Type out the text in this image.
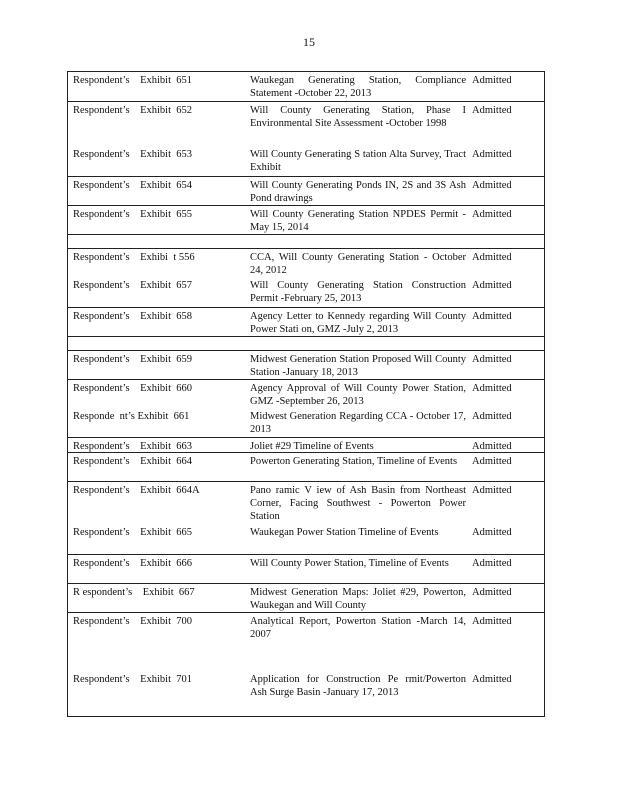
15
Respondent’s    Exhibit  651	Waukegan Generating Station, Compliance Statement -October 22, 2013
Admitted
Respondent’s    Exhibit  652	Will County Generating Station, Phase I Environmental Site Assessment -October 1998
Admitted
Respondent’s    Exhibit  653	Will County Generating S tation Alta Survey, Tract Exhibit
Admitted
Respondent’s    Exhibit  654	Will County Generating Ponds IN, 2S and 3S Ash Pond drawings
Admitted
Respondent’s    Exhibit  655	Will County Generating Station NPDES Permit -May 15, 2014
Admitted
Respondent’s    Exhibi  t 556	CCA, Will County Generating Station - October 24, 2012
Admitted
Respondent’s    Exhibit  657	Will County Generating Station Construction Permit -February 25, 2013
Admitted
Respondent’s    Exhibit  658	Agency Letter to Kennedy regarding Will County Power Stati on, GMZ -July 2, 2013
Admitted
Respondent’s    Exhibit  659	Midwest Generation Station Proposed Will County Station -January 18, 2013
Admitted
Respondent’s    Exhibit  660	Agency Approval of Will County Power Station, GMZ -September 26, 2013
Admitted
Responde  nt’s Exhibit  661	Midwest Generation Regarding CCA - October 17, 2013
Admitted
Respondent’s    Exhibit  663	Joliet #29 Timeline of Events	Admitted
Respondent’s    Exhibit  664	Powerton Generating Station, Timeline of Events	Admitted
Respondent’s    Exhibit  664A	Pano ramic V iew of Ash Basin from Northeast Corner, Facing Southwest - Powerton Power Station
Admitted
Respondent’s    Exhibit  665	Waukegan Power Station Timeline of Events	Admitted
Respondent’s    Exhibit  666	Will County Power Station, Timeline of Events	Admitted
R espondent’s    Exhibit  667	Midwest Generation Maps: Joliet #29, Powerton, Waukegan and Will County
Admitted
Respondent’s    Exhibit  700	Analytical Report, Powerton Station -March 14, 2007
Admitted
Respondent’s    Exhibit  701	Application for Construction Pe rmit/Powerton Ash Surge Basin -January 17, 2013
Admitted
